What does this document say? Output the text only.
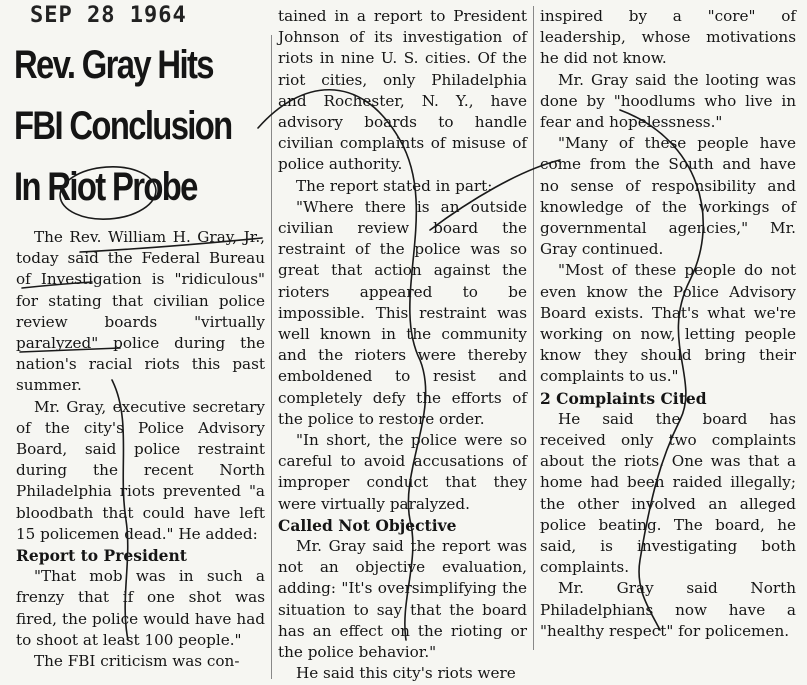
SEP 28 1964
Rev. Gray Hits
FBI Conclusion
In Riot Probe

The Rev. William H. Gray, Jr., today said the Federal Bureau of Investigation is "ridiculous" for stating that civilian police review boards "virtually paralyzed" police during the nation's racial riots this past summer.

Mr. Gray, executive secretary of the city's Police Advisory Board, said police restraint during the recent North Philadelphia riots prevented "a bloodbath that could have left 15 policemen dead." He added:

Report to President

"That mob was in such a frenzy that if one shot was fired, the police would have had to shoot at least 100 people."

The FBI criticism was con-

tained in a report to President Johnson of its investigation of riots in nine U. S. cities. Of the riot cities, only Philadelphia and Rochester, N. Y., have advisory boards to handle civilian complaints of misuse of police authority.

The report stated in part:

"Where there is an outside civilian review board the restraint of the police was so great that action against the rioters appeared to be impossible. This restraint was well known in the community and the rioters were thereby emboldened to resist and completely defy the efforts of the police to restore order.

"In short, the police were so careful to avoid accusations of improper conduct that they were virtually paralyzed.

Called Not Objective

Mr. Gray said the report was not an objective evaluation, adding: "It's oversimplifying the situation to say that the board has an effect on the rioting or the police behavior."

He said this city's riots were

inspired by a "core" of leadership, whose motivations he did not know.

Mr. Gray said the looting was done by "hoodlums who live in fear and hopelessness."

"Many of these people have come from the South and have no sense of responsibility and knowledge of the workings of governmental agencies," Mr. Gray continued.

"Most of these people do not even know the Police Advisory Board exists. That's what we're working on now, letting people know they should bring their complaints to us."

2 Complaints Cited

He said the board has received only two complaints about the riots. One was that a home had been raided illegally; the other involved an alleged police beating. The board, he said, is investigating both complaints.

Mr. Gray said North Philadelphians now have a "healthy respect" for policemen.
